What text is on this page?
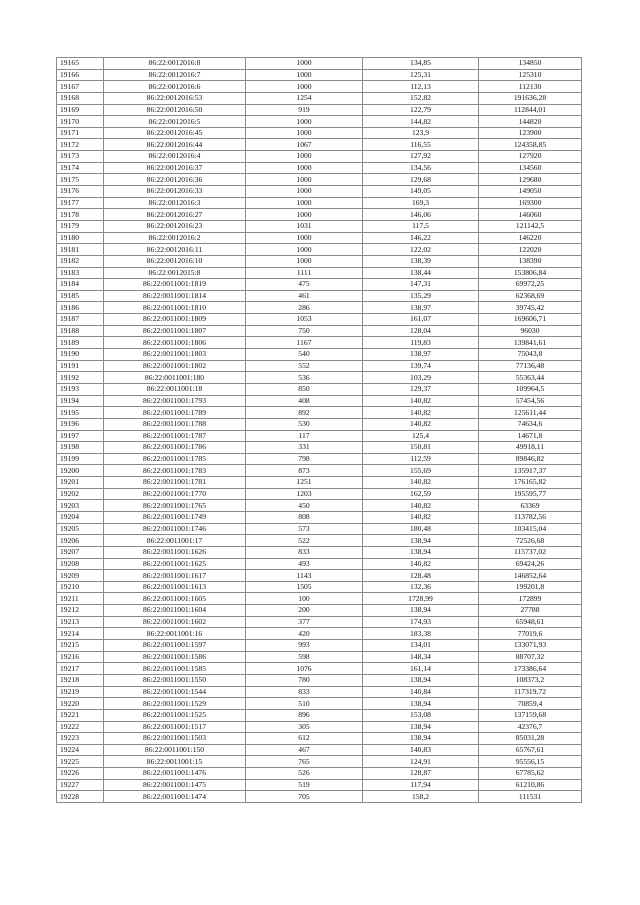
19165	86:22:0012016:8	1000	134,85	134850
19166	86:22:0012016:7	1000	125,31	125310
19167	86:22:0012016:6	1000	112,13	112130
19168	86:22:0012016:53	1254	152,82	191636,28
19169	86:22:0012016:50	919	122,79	112844,01
19170	86:22:0012016:5	1000	144,82	144820
19171	86:22:0012016:45	1000	123,9	123900
19172	86:22:0012016:44	1067	116,55	124358,85
19173	86:22:0012016:4	1000	127,92	127920
19174	86:22:0012016:37	1000	134,56	134560
19175	86:22:0012016:36	1000	129,68	129680
19176	86:22:0012016:33	1000	149,05	149050
19177	86:22:0012016:3	1000	169,3	169300
19178	86:22:0012016:27	1000	146,06	146060
19179	86:22:0012016:23	1031	117,5	121142,5
19180	86:22:0012016:2	1000	146,22	146220
19181	86:22:0012016:11	1000	122,02	122020
19182	86:22:0012016:10	1000	138,39	138390
19183	86:22:0012015:8	1111	138,44	153806,84
19184	86:22:0011001:1819	475	147,31	69972,25
19185	86:22:0011001:1814	461	135,29	62368,69
19186	86:22:0011001:1810	286	138,97	39745,42
19187	86:22:0011001:1809	1053	161,07	169606,71
19188	86:22:0011001:1807	750	128,04	96030
19189	86:22:0011001:1806	1167	119,83	139841,61
19190	86:22:0011001:1803	540	138,97	75043,8
19191	86:22:0011001:1802	552	139,74	77136,48
19192	86:22:0011001:180	536	103,29	55363,44
19193	86:22:0011001:18	850	129,37	109964,5
19194	86:22:0011001:1793	408	140,82	57454,56
19195	86:22:0011001:1789	892	140,82	125611,44
19196	86:22:0011001:1788	530	140,82	74634,6
19197	86:22:0011001:1787	117	125,4	14671,8
19198	86:22:0011001:1786	331	150,81	49918,11
19199	86:22:0011001:1785	798	112,59	89846,82
19200	86:22:0011001:1783	873	155,69	135917,37
19201	86:22:0011001:1781	1251	140,82	176165,82
19202	86:22:0011001:1770	1203	162,59	195595,77
19203	86:22:0011001:1765	450	140,82	63369
19204	86:22:0011001:1749	808	140,82	113782,56
19205	86:22:0011001:1746	573	180,48	103415,04
19206	86:22:0011001:17	522	138,94	72526,68
19207	86:22:0011001:1626	833	138,94	115737,02
19208	86:22:0011001:1625	493	140,82	69424,26
19209	86:22:0011001:1617	1143	128,48	146852,64
19210	86:22:0011001:1613	1505	132,36	199201,8
19211	86:22:0011001:1605	100	1728,99	172899
19212	86:22:0011001:1604	200	138,94	27788
19213	86:22:0011001:1602	377	174,93	65948,61
19214	86:22:0011001:16	420	183,38	77019,6
19215	86:22:0011001:1597	993	134,01	133071,93
19216	86:22:0011001:1586	598	148,34	88707,32
19217	86:22:0011001:1585	1076	161,14	173386,64
19218	86:22:0011001:1550	780	138,94	108373,2
19219	86:22:0011001:1544	833	140,84	117319,72
19220	86:22:0011001:1529	510	138,94	70859,4
19221	86:22:0011001:1525	896	153,08	137159,68
19222	86:22:0011001:1517	305	138,94	42376,7
19223	86:22:0011001:1503	612	138,94	85031,28
19224	86:22:0011001:150	467	140,83	65767,61
19225	86:22:0011001:15	765	124,91	95556,15
19226	86:22:0011001:1476	526	128,87	67785,62
19227	86:22:0011001:1475	519	117,94	61210,86
19228	86:22:0011001:1474	705	158,2	111531
